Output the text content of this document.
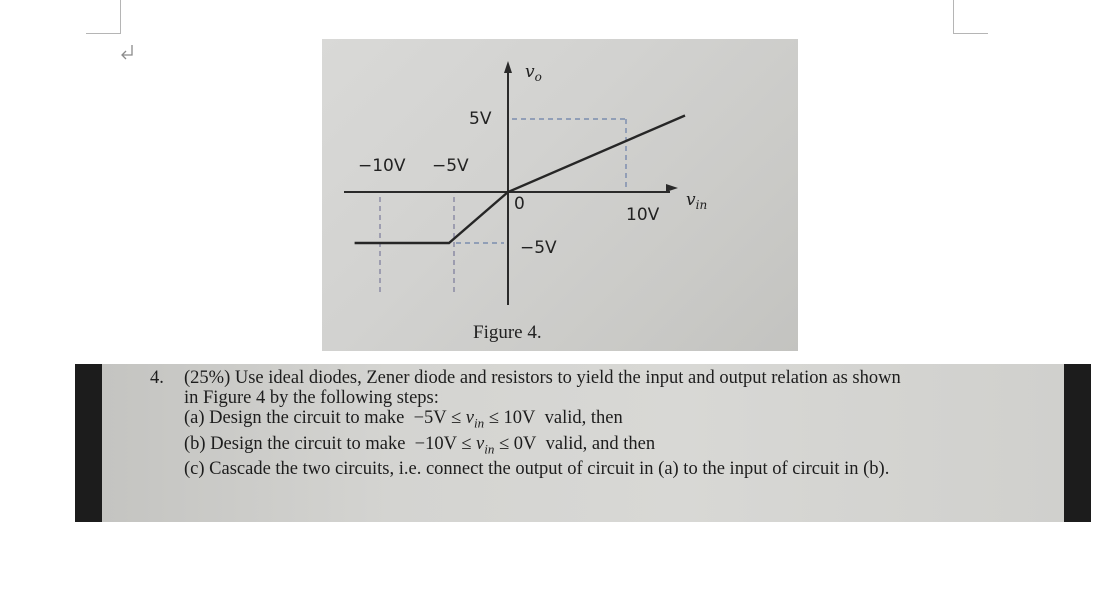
$v_o$
5V
−10V −5V
0
10V
−5V
$v_{in}$
Figure 4.
4. (25%) Use ideal diodes, Zener diode and resistors to yield the input and output relation as shown
in Figure 4 by the following steps:
(a) Design the circuit to make $-5V \le v_{in} \le 10V$ valid, then
(b) Design the circuit to make $-10V \le v_{in} \le 0V$ valid, and then
(c) Cascade the two circuits, i.e. connect the output of circuit in (a) to the input of circuit in (b).
